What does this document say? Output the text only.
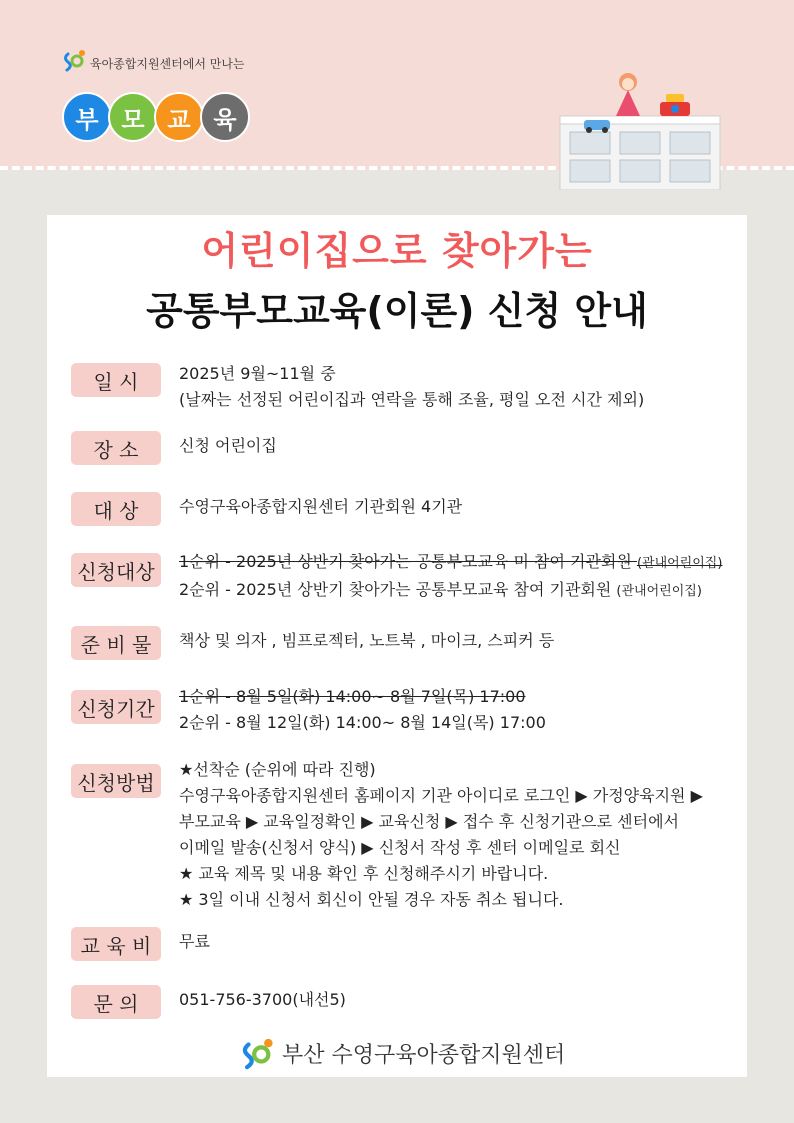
육아종합지원센터에서 만나는
부 모 교 육
어린이집으로 찾아가는
공통부모교육(이론) 신청 안내
일 시	2025년 9월~11월 중
(날짜는 선정된 어린이집과 연락을 통해 조율, 평일 오전 시간 제외)
장 소	신청 어린이집
대 상	수영구육아종합지원센터 기관회원 4기관
신청대상	1순위 - 2025년 상반기 찾아가는 공통부모교육 미 참여 기관회원 (관내어린이집)
2순위 - 2025년 상반기 찾아가는 공통부모교육 참여 기관회원 (관내어린이집)
준 비 물	책상 및 의자 , 빔프로젝터, 노트북 , 마이크, 스피커 등
신청기간	1순위 - 8월 5일(화) 14:00~ 8월 7일(목) 17:00
2순위 - 8월 12일(화) 14:00~ 8월 14일(목) 17:00
신청방법
★선착순 (순위에 따라 진행)
수영구육아종합지원센터 홈페이지 기관 아이디로 로그인 ▶ 가정양육지원 ▶
부모교육 ▶ 교육일정확인 ▶ 교육신청 ▶ 접수 후 신청기관으로 센터에서
이메일 발송(신청서 양식) ▶ 신청서 작성 후 센터 이메일로 회신
★ 교육 제목 및 내용 확인 후 신청해주시기 바랍니다.
★ 3일 이내 신청서 회신이 안될 경우 자동 취소 됩니다.
교 육 비	무료
문 의	051-756-3700(내선5)
부산 수영구육아종합지원센터
